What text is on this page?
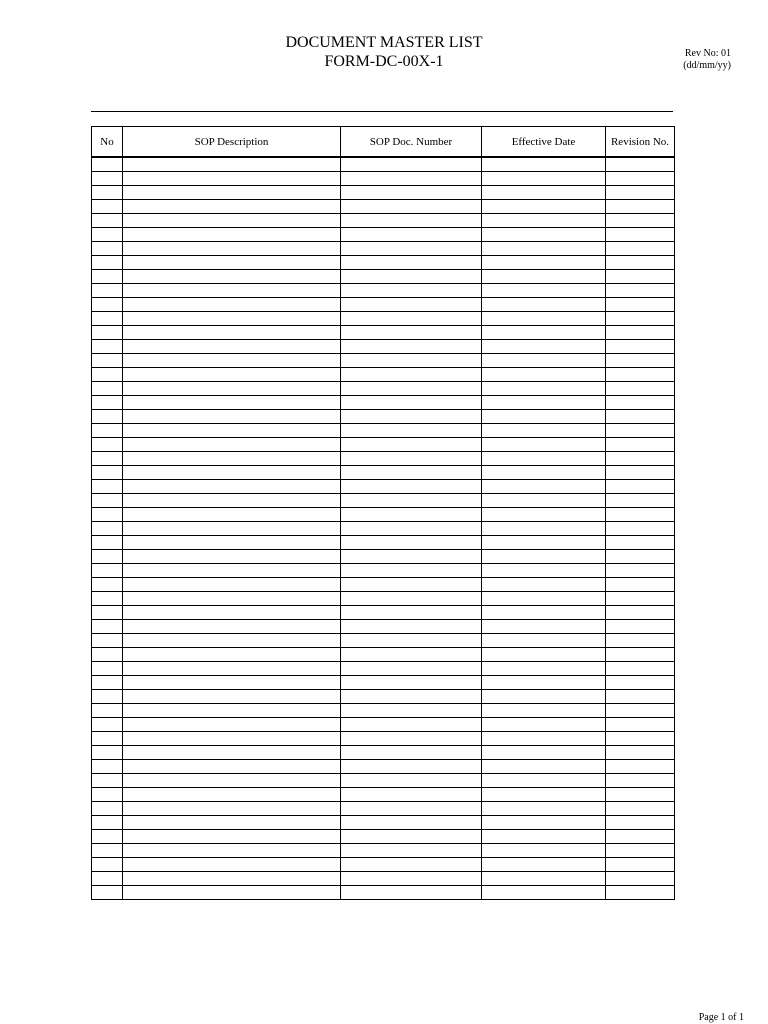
DOCUMENT MASTER LIST
FORM-DC-00X-1	Rev No: 01
(dd/mm/yy)
No	SOP Description	SOP Doc. Number	Effective Date	Revision No.

Page 1 of 1
